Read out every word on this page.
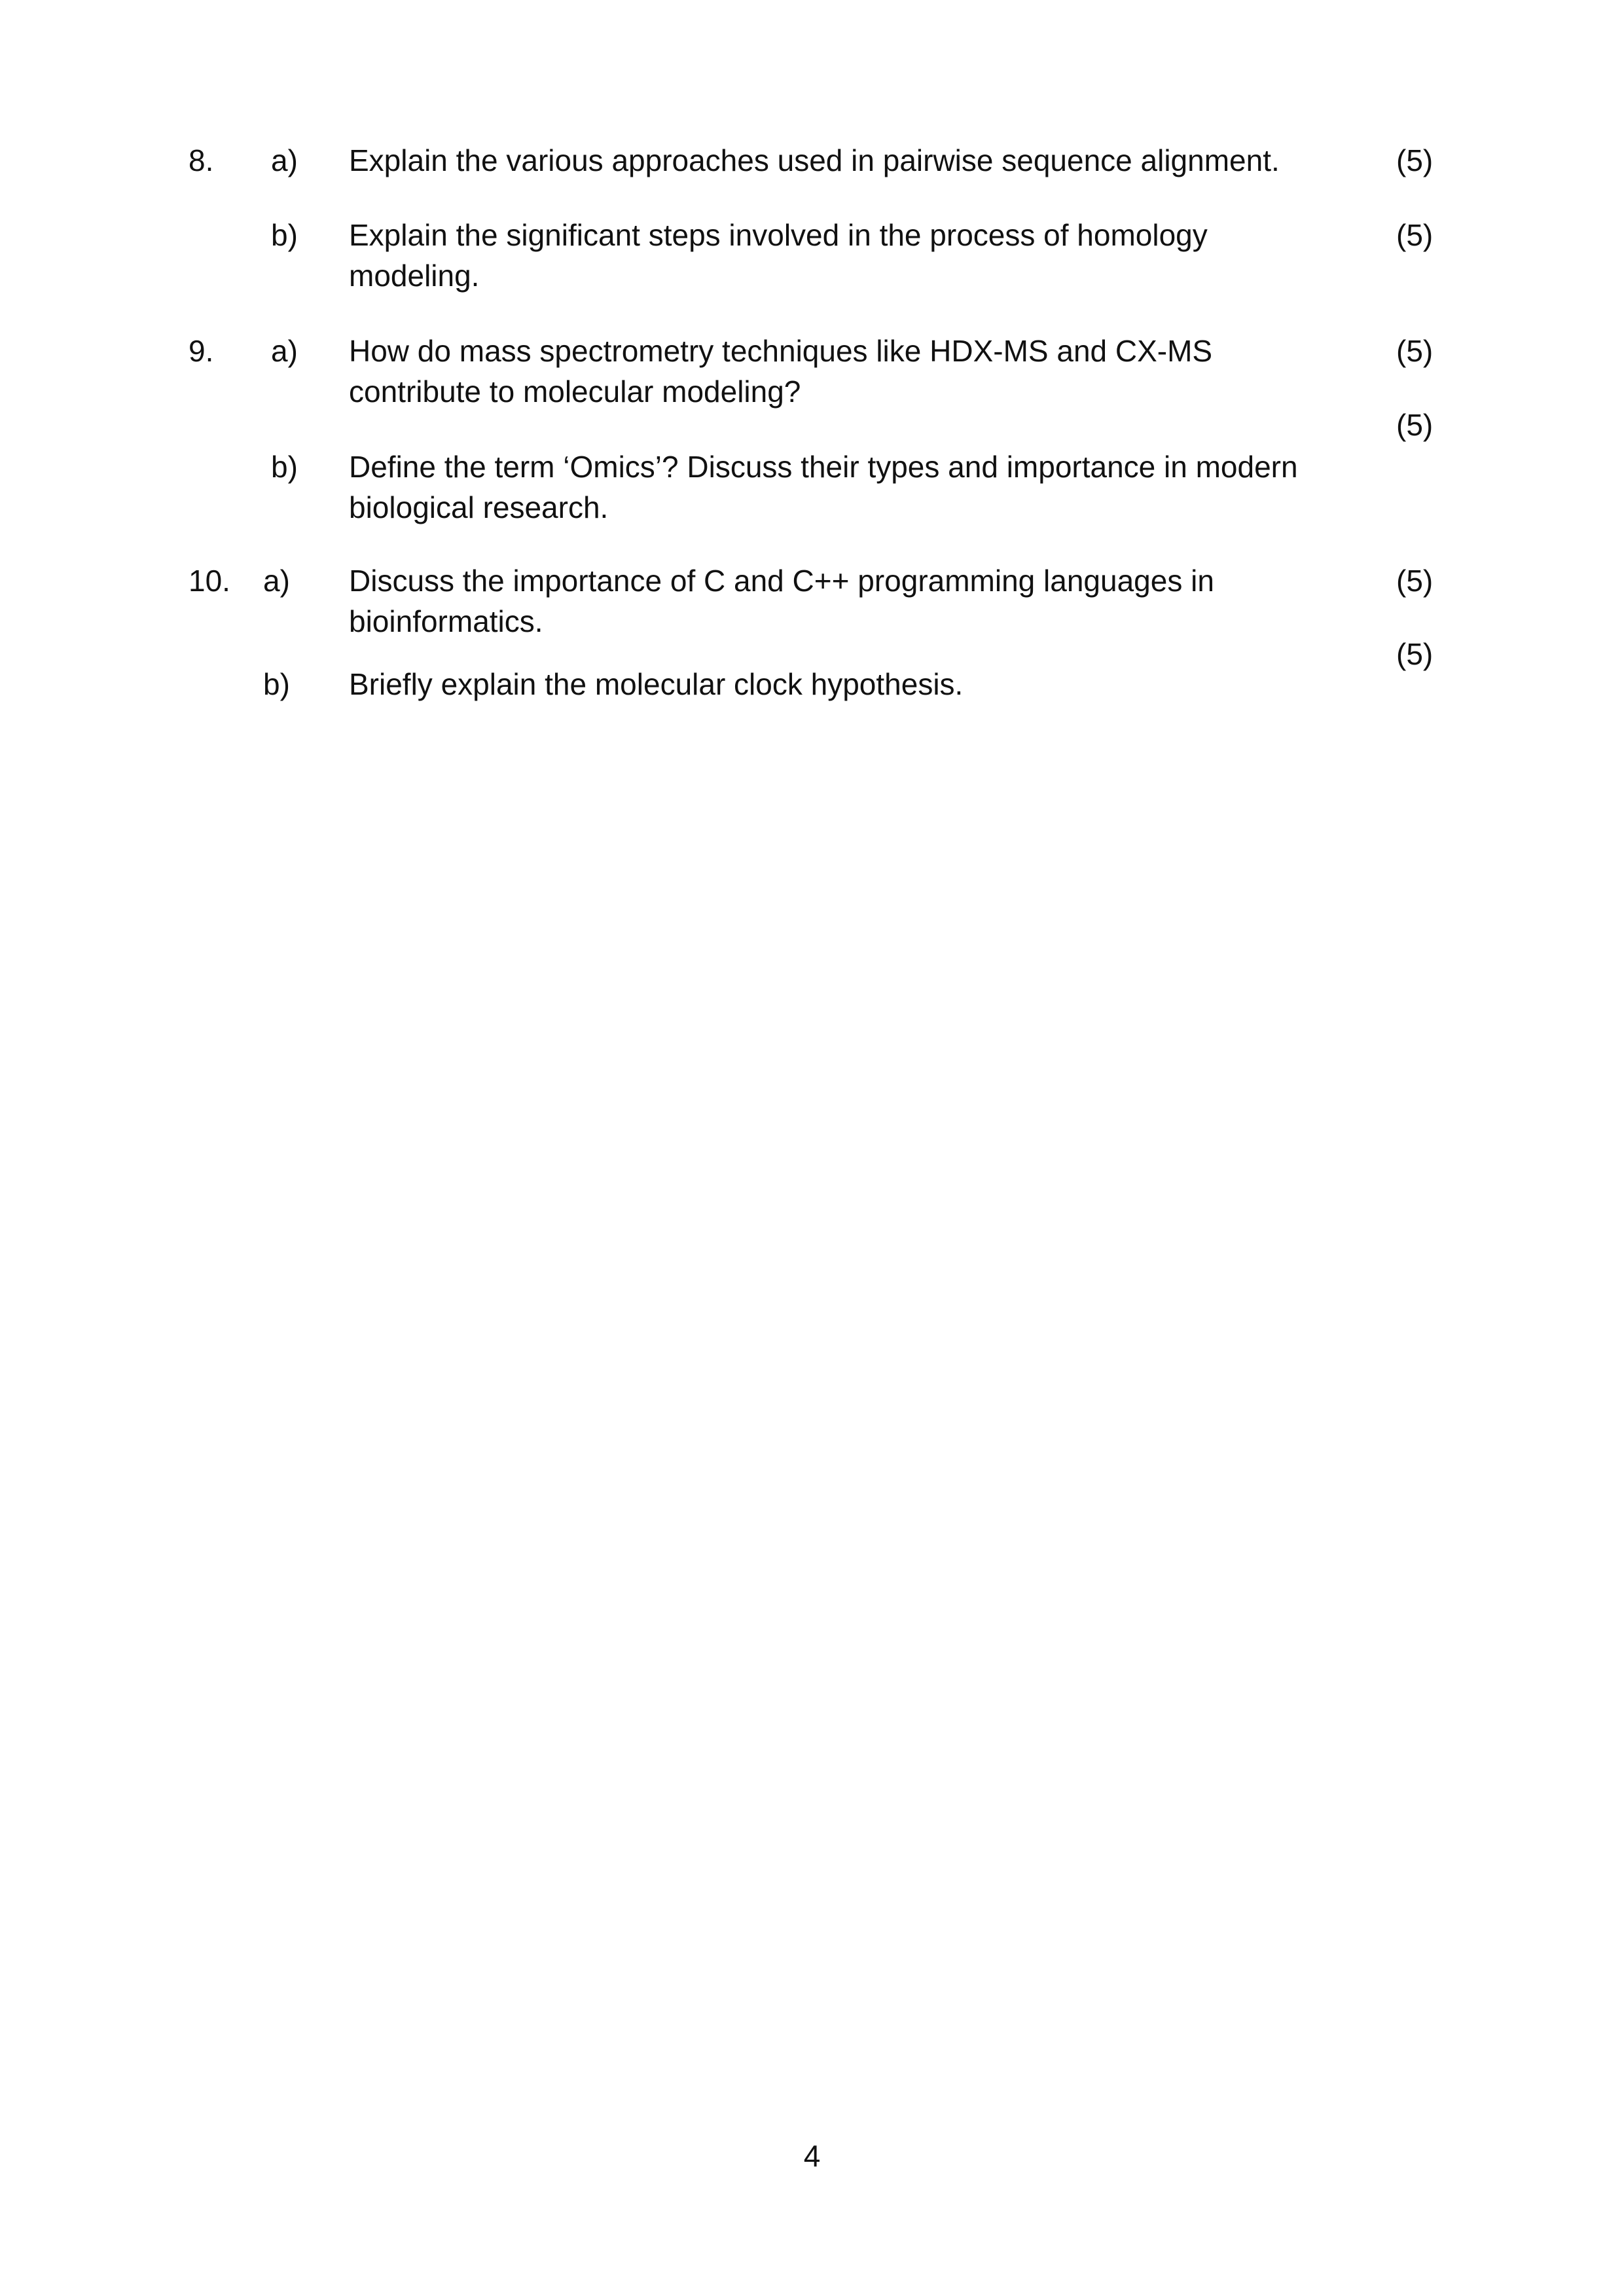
8. a) Explain the various approaches used in pairwise sequence alignment.	(5)
b) Explain the significant steps involved in the process of homology modeling.
(5)
9. a) How do mass spectrometry techniques like HDX-MS and CX-MS contribute to molecular modeling?
(5)
b) Define the term ‘Omics’? Discuss their types and importance in modern biological research.
(5)
10. a) Discuss the importance of C and C++ programming languages in bioinformatics.
(5)
b) Briefly explain the molecular clock hypothesis.
(5)
4
